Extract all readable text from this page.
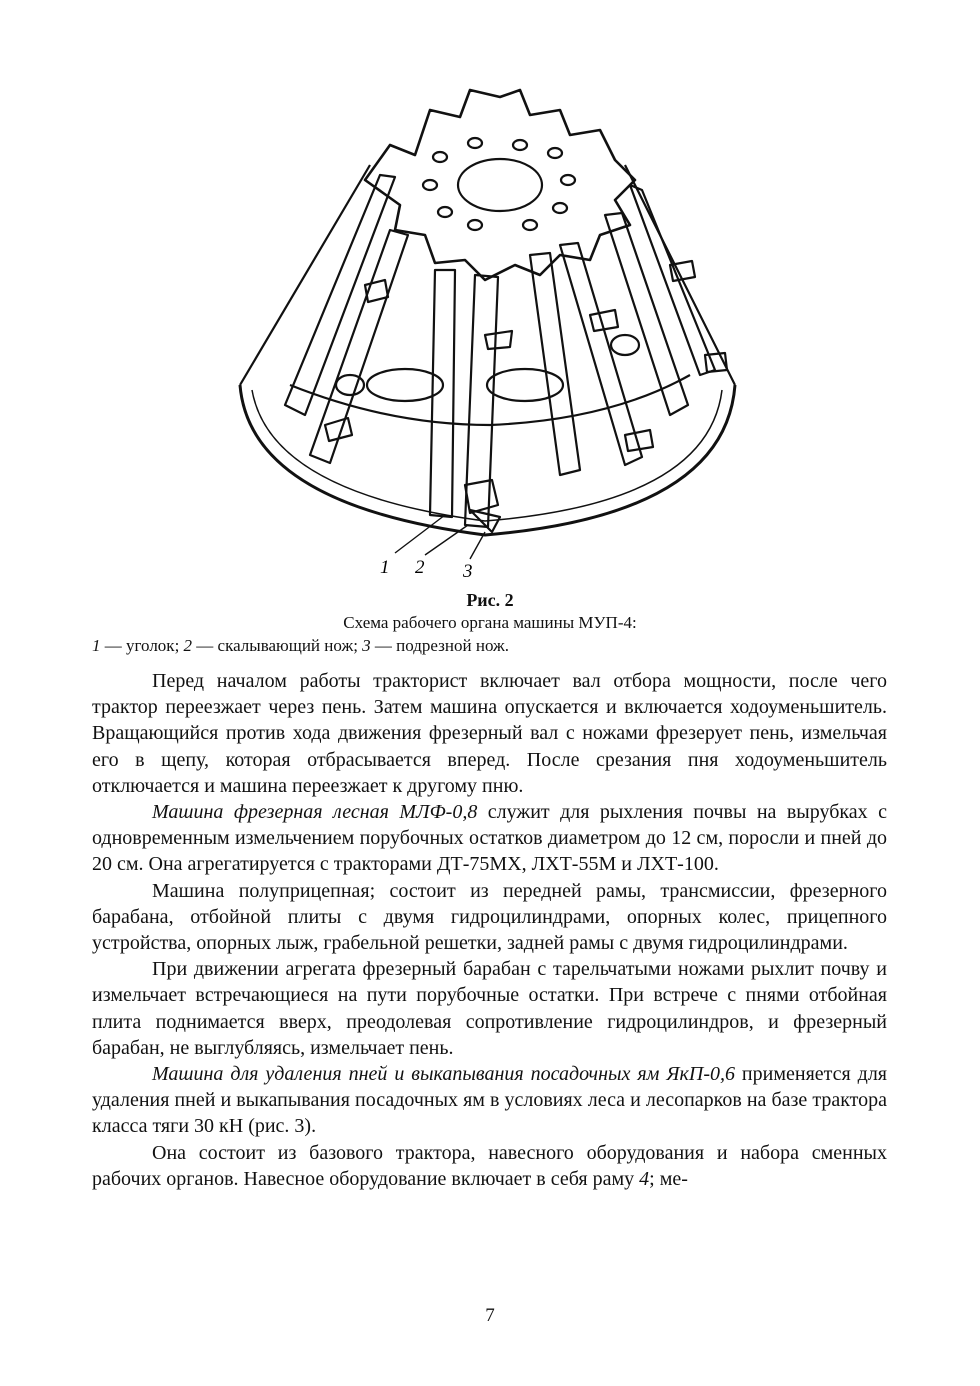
1 2 3
Рис. 2
Схема рабочего органа машины МУП-4:
1 — уголок; 2 — скалывающий нож; 3 — подрезной нож.

Перед началом работы тракторист включает вал отбора мощности, после чего трактор переезжает через пень. Затем машина опускается и включается ходоуменьшитель. Вращающийся против хода движения фрезерный вал с ножами фрезерует пень, измельчая его в щепу, которая отбрасывается вперед. После срезания пня ходоуменьшитель отключается и машина переезжает к другому пню.

Машина фрезерная лесная МЛФ-0,8 служит для рыхления почвы на вырубках с одновременным измельчением порубочных остатков диаметром до 12 см, поросли и пней до 20 см. Она агрегатируется с тракторами ДТ-75МХ, ЛХТ-55М и ЛХТ-100.

Машина полуприцепная; состоит из передней рамы, трансмиссии, фрезерного барабана, отбойной плиты с двумя гидроцилиндрами, опорных колес, прицепного устройства, опорных лыж, грабельной решетки, задней рамы с двумя гидроцилиндрами.

При движении агрегата фрезерный барабан с тарельчатыми ножами рыхлит почву и измельчает встречающиеся на пути порубочные остатки. При встрече с пнями отбойная плита поднимается вверх, преодолевая сопротивление гидроцилиндров, и фрезерный барабан, не выглубляясь, измельчает пень.

Машина для удаления пней и выкапывания посадочных ям ЯкП-0,6 применяется для удаления пней и выкапывания посадочных ям в условиях леса и лесопарков на базе трактора класса тяги 30 кН (рис. 3).

Она состоит из базового трактора, навесного оборудования и набора сменных рабочих органов. Навесное оборудование включает в себя раму 4; ме-

7
